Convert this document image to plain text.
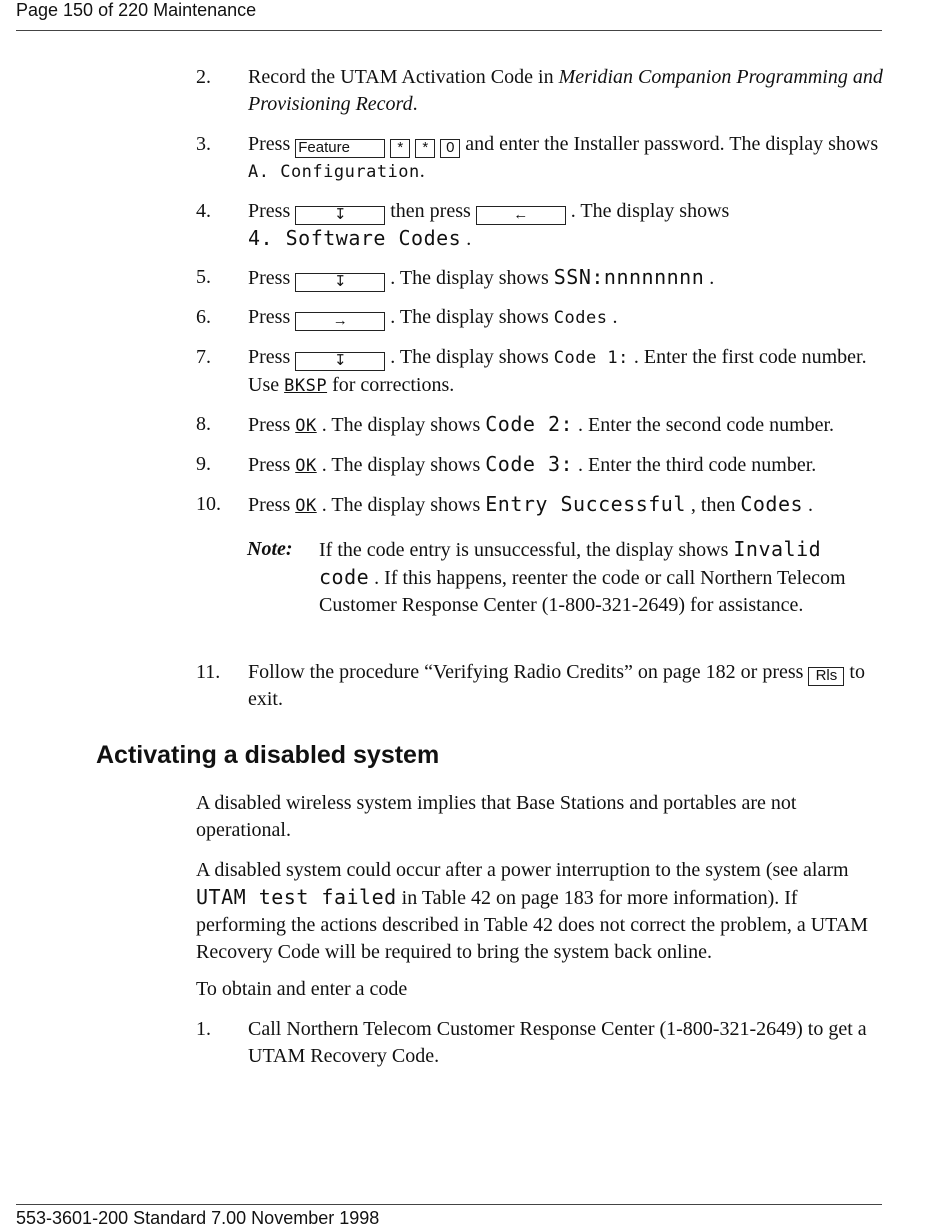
Page 150 of 220 Maintenance
2. Record the UTAM Activation Code in Meridian Companion Programming and Provisioning Record.
3. Press Feature	* * 0 and enter the Installer password. The display shows A. Configuration.
4. Press	↧ then press	← . The display shows
4. Software Codes .
5. Press	↧ . The display shows SSN:nnnnnnnn .
6. Press	→ . The display shows Codes .
7. Press	↧ . The display shows Code 1: . Enter the first code number. Use BKSP for corrections.
8. Press OK . The display shows Code 2: . Enter the second code number.
9. Press OK . The display shows Code 3: . Enter the third code number.
10. Press OK . The display shows Entry Successful , then Codes .
Note: If the code entry is unsuccessful, the display shows Invalid code . If this happens, reenter the code or call Northern Telecom Customer Response Center (1-800-321-2649) for assistance.
11. Follow the procedure “Verifying Radio Credits” on page 182 or press Rls to exit.
Activating a disabled system
A disabled wireless system implies that Base Stations and portables are not operational.
A disabled system could occur after a power interruption to the system (see alarm UTAM test failed in Table 42 on page 183 for more information). If performing the actions described in Table 42 does not correct the problem, a UTAM Recovery Code will be required to bring the system back online.
To obtain and enter a code
1. Call Northern Telecom Customer Response Center (1-800-321-2649) to get a UTAM Recovery Code.
553-3601-200 Standard 7.00 November 1998
